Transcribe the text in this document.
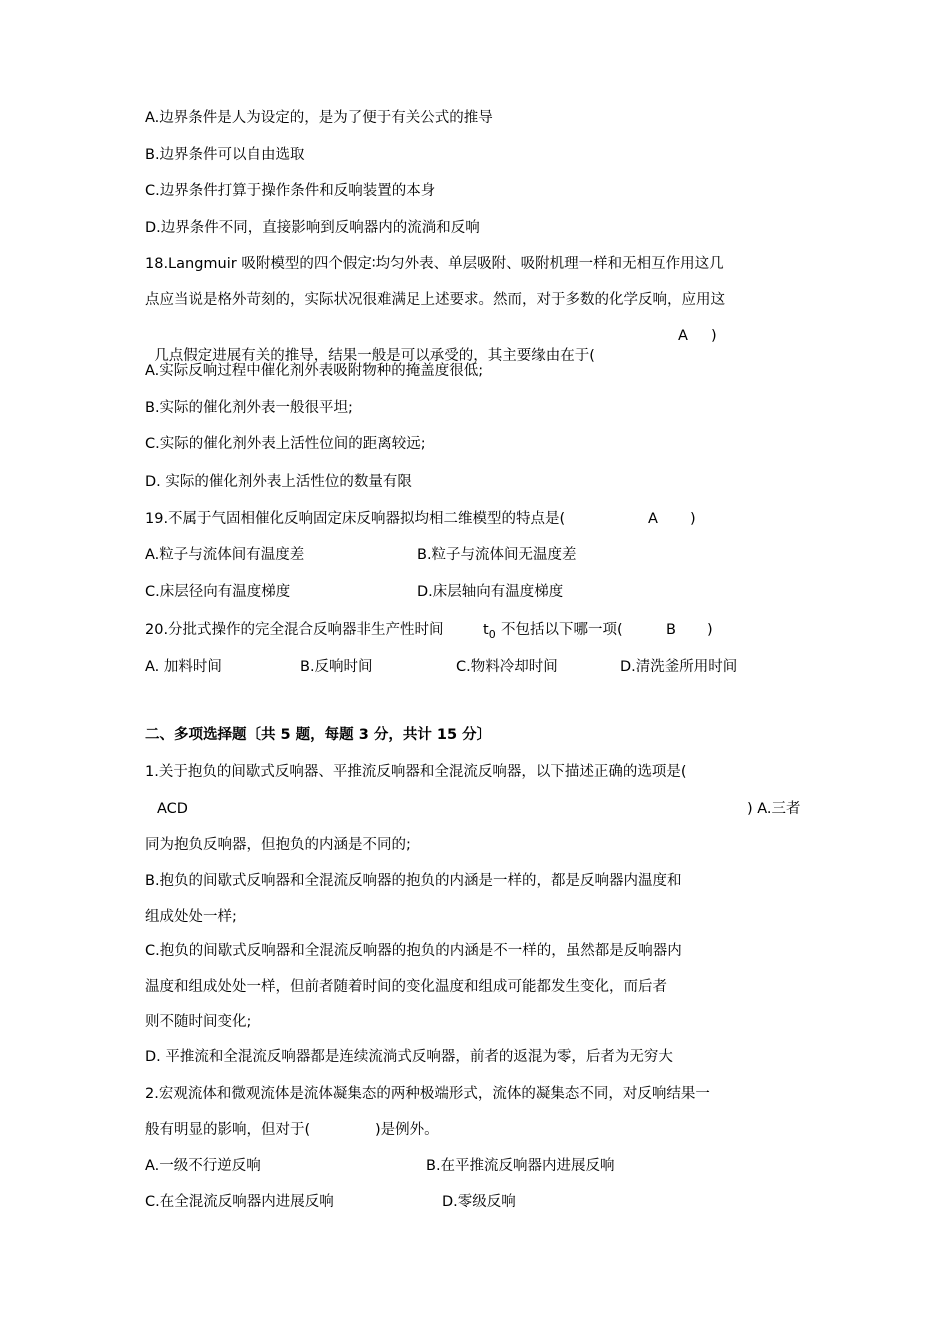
A.边界条件是人为设定的，是为了便于有关公式的推导
B.边界条件可以自由选取
C.边界条件打算于操作条件和反响装置的本身
D.边界条件不同，直接影响到反响器内的流淌和反响
18.Langmuir 吸附模型的四个假定∶均匀外表、单层吸附、吸附机理一样和无相互作用这几
点应当说是格外苛刻的，实际状况很难满足上述要求。然而，对于多数的化学反响，应用这

几点假定进展有关的推导，结果一般是可以承受的，其主要缘由在于(

A )
A.实际反响过程中催化剂外表吸附物种的掩盖度很低;
B.实际的催化剂外表一般很平坦;
C.实际的催化剂外表上活性位间的距离较远;
D. 实际的催化剂外表上活性位的数量有限
19.不属于气固相催化反响固定床反响器拟均相二维模型的特点是(	A )
A.粒子与流体间有温度差	B.粒子与流体间无温度差
C.床层径向有温度梯度	D.床层轴向有温度梯度
20.分批式操作的完全混合反响器非生产性时间	$t_0$ 不包括以下哪一项(	B )
A. 加料时间	B.反响时间	C.物料冷却时间	D.清洗釜所用时间
二、多项选择题〔共 5 题，每题 3 分，共计 15 分〕
1.关于抱负的间歇式反响器、平推流反响器和全混流反响器，以下描述正确的选项是(
ACD	) A.三者
同为抱负反响器，但抱负的内涵是不同的;
B.抱负的间歇式反响器和全混流反响器的抱负的内涵是一样的，都是反响器内温度和
组成处处一样;
C.抱负的间歇式反响器和全混流反响器的抱负的内涵是不一样的，虽然都是反响器内
温度和组成处处一样，但前者随着时间的变化温度和组成可能都发生变化，而后者
则不随时间变化;
D. 平推流和全混流反响器都是连续流淌式反响器，前者的返混为零，后者为无穷大
2.宏观流体和微观流体是流体凝集态的两种极端形式，流体的凝集态不同，对反响结果一
般有明显的影响，但对于(	)是例外。
A.一级不行逆反响	B.在平推流反响器内进展反响
C.在全混流反响器内进展反响	D.零级反响
